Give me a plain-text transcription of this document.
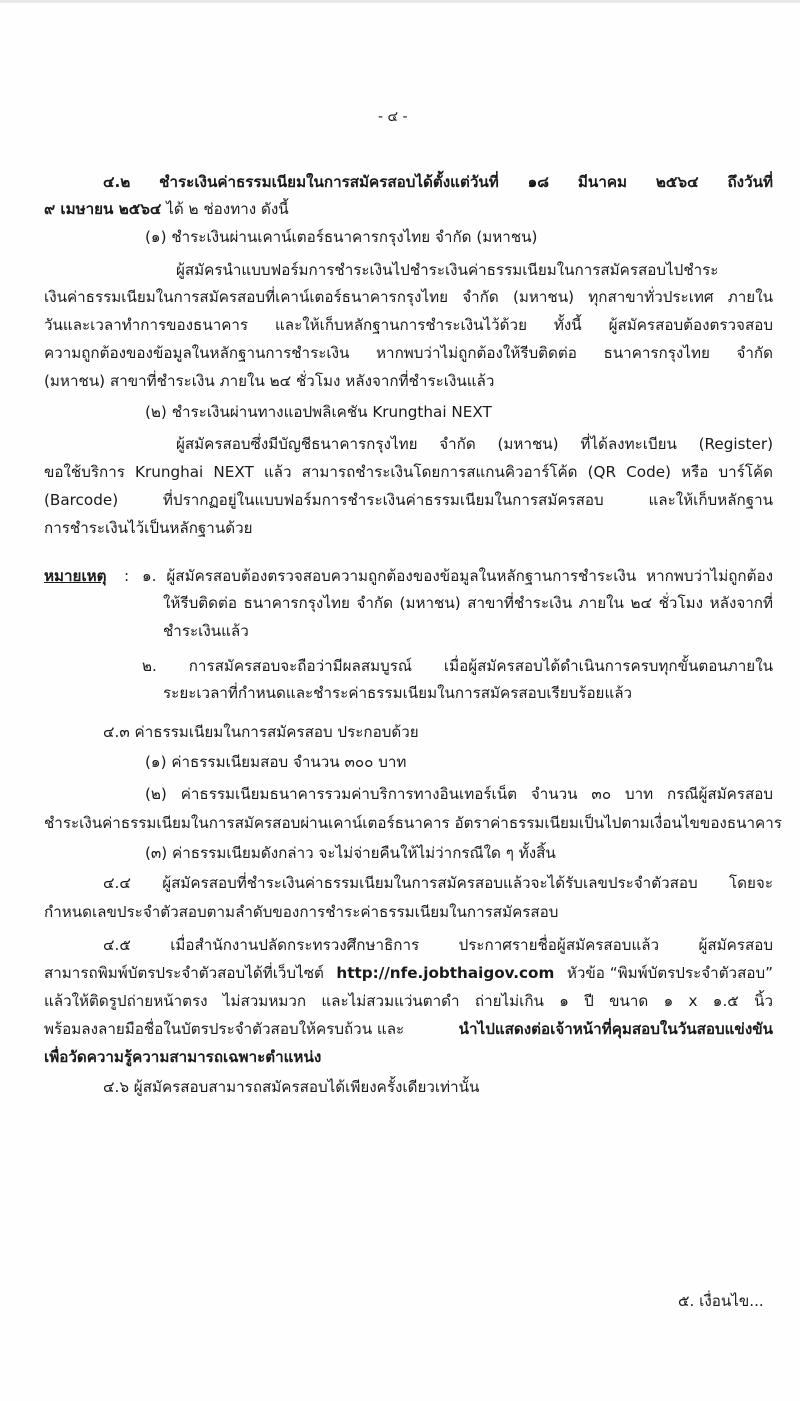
- ๔ -
๔.๒ ชำระเงินค่าธรรมเนียมในการสมัครสอบได้ตั้งแต่วันที่ ๑๘ มีนาคม ๒๕๖๔ ถึงวันที่
๙ เมษายน ๒๕๖๔ ได้ ๒ ช่องทาง ดังนี้
(๑) ชำระเงินผ่านเคาน์เตอร์ธนาคารกรุงไทย จำกัด (มหาชน)
ผู้สมัครนำแบบฟอร์มการชำระเงินไปชำระเงินค่าธรรมเนียมในการสมัครสอบไปชำระ
เงินค่าธรรมเนียมในการสมัครสอบที่เคาน์เตอร์ธนาคารกรุงไทย จำกัด (มหาชน) ทุกสาขาทั่วประเทศ ภายใน
วันและเวลาทำการของธนาคาร และให้เก็บหลักฐานการชำระเงินไว้ด้วย ทั้งนี้ ผู้สมัครสอบต้องตรวจสอบ
ความถูกต้องของข้อมูลในหลักฐานการชำระเงิน หากพบว่าไม่ถูกต้องให้รีบติดต่อ ธนาคารกรุงไทย จำกัด
(มหาชน) สาขาที่ชำระเงิน ภายใน ๒๔ ชั่วโมง หลังจากที่ชำระเงินแล้ว
(๒) ชำระเงินผ่านทางแอปพลิเคชัน Krungthai NEXT
ผู้สมัครสอบซึ่งมีบัญชีธนาคารกรุงไทย จำกัด (มหาชน) ที่ได้ลงทะเบียน (Register)
ขอใช้บริการ Krunghai NEXT แล้ว สามารถชำระเงินโดยการสแกนคิวอาร์โค้ด (QR Code) หรือ บาร์โค้ด
(Barcode) ที่ปรากฏอยู่ในแบบฟอร์มการชำระเงินค่าธรรมเนียมในการสมัครสอบ และให้เก็บหลักฐาน
การชำระเงินไว้เป็นหลักฐานด้วย
หมายเหตุ : ๑. ผู้สมัครสอบต้องตรวจสอบความถูกต้องของข้อมูลในหลักฐานการชำระเงิน หากพบว่าไม่ถูกต้อง
ให้รีบติดต่อ ธนาคารกรุงไทย จำกัด (มหาชน) สาขาที่ชำระเงิน ภายใน ๒๔ ชั่วโมง หลังจากที่
ชำระเงินแล้ว
๒. การสมัครสอบจะถือว่ามีผลสมบูรณ์ เมื่อผู้สมัครสอบได้ดำเนินการครบทุกขั้นตอนภายใน
ระยะเวลาที่กำหนดและชำระค่าธรรมเนียมในการสมัครสอบเรียบร้อยแล้ว
๔.๓ ค่าธรรมเนียมในการสมัครสอบ ประกอบด้วย
(๑) ค่าธรรมเนียมสอบ จำนวน ๓๐๐ บาท
(๒) ค่าธรรมเนียมธนาคารรวมค่าบริการทางอินเทอร์เน็ต จำนวน ๓๐ บาท กรณีผู้สมัครสอบ
ชำระเงินค่าธรรมเนียมในการสมัครสอบผ่านเคาน์เตอร์ธนาคาร อัตราค่าธรรมเนียมเป็นไปตามเงื่อนไขของธนาคาร
(๓) ค่าธรรมเนียมดังกล่าว จะไม่จ่ายคืนให้ไม่ว่ากรณีใด ๆ ทั้งสิ้น
๔.๔ ผู้สมัครสอบที่ชำระเงินค่าธรรมเนียมในการสมัครสอบแล้วจะได้รับเลขประจำตัวสอบ โดยจะ
กำหนดเลขประจำตัวสอบตามลำดับของการชำระค่าธรรมเนียมในการสมัครสอบ
๔.๕ เมื่อสำนักงานปลัดกระทรวงศึกษาธิการ ประกาศรายชื่อผู้สมัครสอบแล้ว ผู้สมัครสอบ
สามารถพิมพ์บัตรประจำตัวสอบได้ที่เว็บไซต์ http://nfe.jobthaigov.com หัวข้อ “พิมพ์บัตรประจำตัวสอบ”
แล้วให้ติดรูปถ่ายหน้าตรง ไม่สวมหมวก และไม่สวมแว่นตาดำ ถ่ายไม่เกิน ๑ ปี ขนาด ๑ x ๑.๕ นิ้ว
พร้อมลงลายมือชื่อในบัตรประจำตัวสอบให้ครบถ้วน และ	นำไปแสดงต่อเจ้าหน้าที่คุมสอบในวันสอบแข่งขัน
เพื่อวัดความรู้ความสามารถเฉพาะตำแหน่ง
๔.๖ ผู้สมัครสอบสามารถสมัครสอบได้เพียงครั้งเดียวเท่านั้น
๕. เงื่อนไข...
